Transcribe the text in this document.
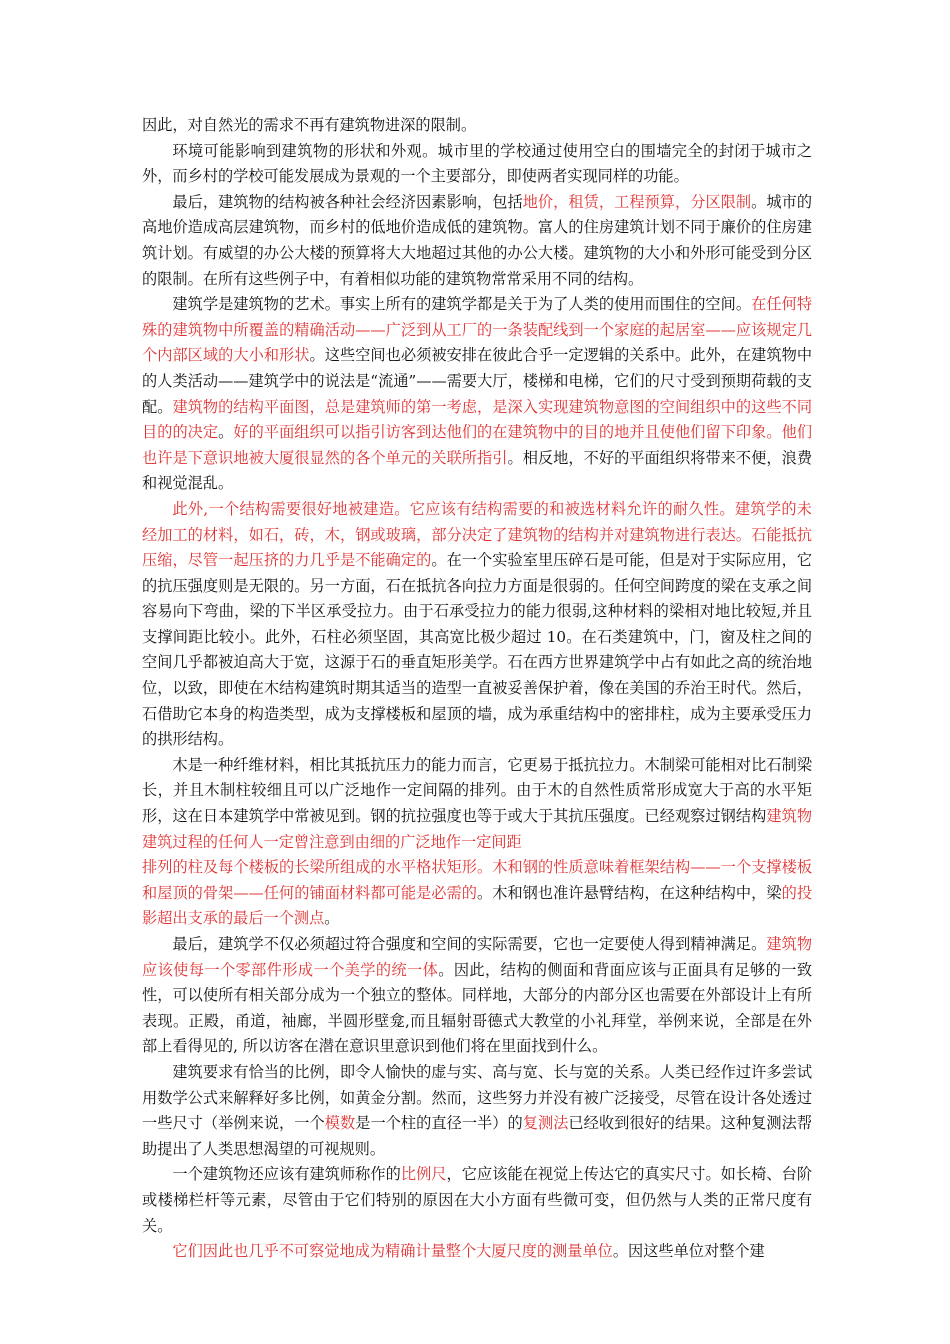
因此，对自然光的需求不再有建筑物进深的限制。

环境可能影响到建筑物的形状和外观。城市里的学校通过使用空白的围墙完全的封闭于城市之外，而乡村的学校可能发展成为景观的一个主要部分，即使两者实现同样的功能。

最后，建筑物的结构被各种社会经济因素影响，包括地价，租赁，工程预算，分区限制。城市的高地价造成高层建筑物，而乡村的低地价造成低的建筑物。富人的住房建筑计划不同于廉价的住房建筑计划。有威望的办公大楼的预算将大大地超过其他的办公大楼。建筑物的大小和外形可能受到分区的限制。在所有这些例子中，有着相似功能的建筑物常常采用不同的结构。

建筑学是建筑物的艺术。事实上所有的建筑学都是关于为了人类的使用而围住的空间。在任何特殊的建筑物中所覆盖的精确活动——广泛到从工厂的一条装配线到一个家庭的起居室——应该规定几个内部区域的大小和形状。这些空间也必须被安排在彼此合乎一定逻辑的关系中。此外，在建筑物中的人类活动——建筑学中的说法是“流通”——需要大厅，楼梯和电梯，它们的尺寸受到预期荷载的支配。建筑物的结构平面图，总是建筑师的第一考虑，是深入实现建筑物意图的空间组织中的这些不同目的的决定。好的平面组织可以指引访客到达他们的在建筑物中的目的地并且使他们留下印象。他们也许是下意识地被大厦很显然的各个单元的关联所指引。相反地，不好的平面组织将带来不便，浪费和视觉混乱。

此外,一个结构需要很好地被建造。它应该有结构需要的和被选材料允许的耐久性。建筑学的未经加工的材料，如石，砖，木，钢或玻璃，部分决定了建筑物的结构并对建筑物进行表达。石能抵抗压缩，尽管一起压挤的力几乎是不能确定的。在一个实验室里压碎石是可能，但是对于实际应用，它的抗压强度则是无限的。另一方面，石在抵抗各向拉力方面是很弱的。任何空间跨度的梁在支承之间容易向下弯曲，梁的下半区承受拉力。由于石承受拉力的能力很弱,这种材料的梁相对地比较短,并且支撑间距比较小。此外，石柱必须坚固，其高宽比极少超过 10。在石类建筑中，门，窗及柱之间的空间几乎都被迫高大于宽，这源于石的垂直矩形美学。石在西方世界建筑学中占有如此之高的统治地位，以致，即使在木结构建筑时期其适当的造型一直被妥善保护着，像在美国的乔治王时代。然后，石借助它本身的构造类型，成为支撑楼板和屋顶的墙，成为承重结构中的密排柱，成为主要承受压力的拱形结构。

木是一种纤维材料，相比其抵抗压力的能力而言，它更易于抵抗拉力。木制梁可能相对比石制梁长，并且木制柱较细且可以广泛地作一定间隔的排列。由于木的自然性质常形成宽大于高的水平矩形，这在日本建筑学中常被见到。钢的抗拉强度也等于或大于其抗压强度。已经观察过钢结构建筑物建筑过程的任何人一定曾注意到由细的广泛地作一定间距
排列的柱及每个楼板的长梁所组成的水平格状矩形。木和钢的性质意味着框架结构——一个支撑楼板和屋顶的骨架——任何的铺面材料都可能是必需的。木和钢也准许悬臂结构，在这种结构中，梁的投影超出支承的最后一个测点。

最后，建筑学不仅必须超过符合强度和空间的实际需要，它也一定要使人得到精神满足。建筑物应该使每一个零部件形成一个美学的统一体。因此，结构的侧面和背面应该与正面具有足够的一致性，可以使所有相关部分成为一个独立的整体。同样地，大部分的内部分区也需要在外部设计上有所表现。正殿，甬道，袖廊，半圆形壁龛,而且辐射哥德式大教堂的小礼拜堂，举例来说，全部是在外部上看得见的, 所以访客在潜在意识里意识到他们将在里面找到什么。

建筑要求有恰当的比例，即令人愉快的虚与实、高与宽、长与宽的关系。人类已经作过许多尝试用数学公式来解释好多比例，如黄金分割。然而，这些努力并没有被广泛接受，尽管在设计各处透过一些尺寸（举例来说，一个模数是一个柱的直径一半）的复测法已经收到很好的结果。这种复测法帮助提出了人类思想渴望的可视规则。

一个建筑物还应该有建筑师称作的比例尺，它应该能在视觉上传达它的真实尺寸。如长椅、台阶或楼梯栏杆等元素，尽管由于它们特别的原因在大小方面有些微可变，但仍然与人类的正常尺度有关。

它们因此也几乎不可察觉地成为精确计量整个大厦尺度的测量单位。因这些单位对整个建
